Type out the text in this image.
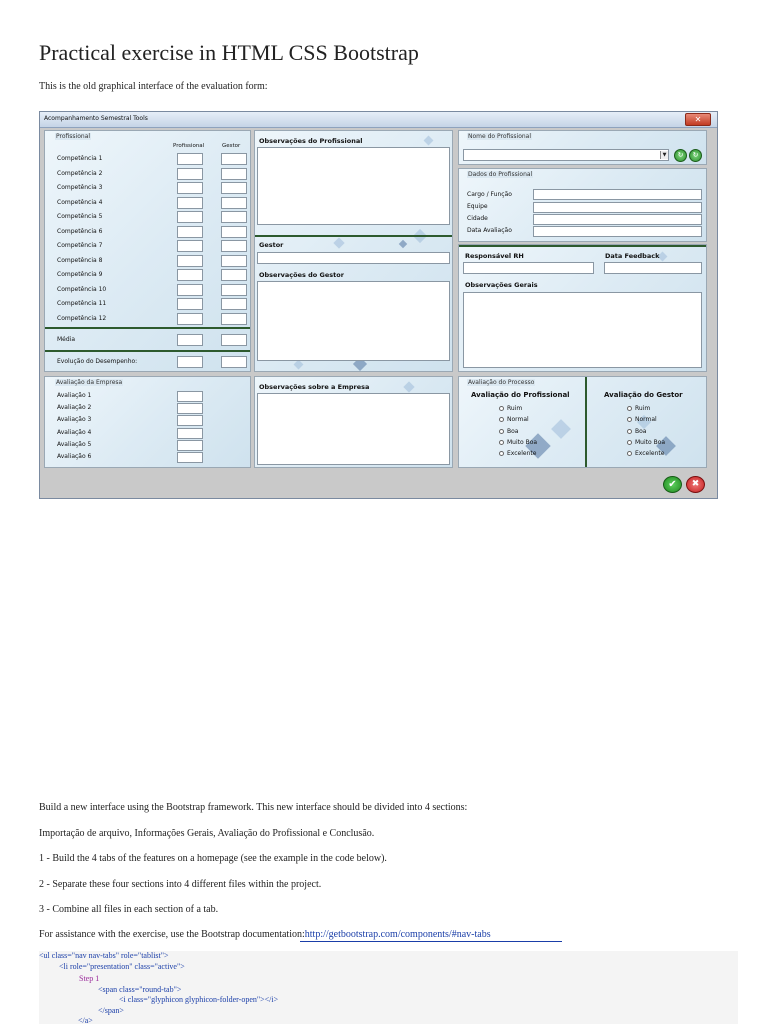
Practical exercise in HTML CSS Bootstrap

This is the old graphical interface of the evaluation form:

Acompanhamento Semestral Tools	✕
Profissional
Profissional	Gestor
Competência 1
Competência 2
Competência 3
Competência 4
Competência 5
Competência 6
Competência 7
Competência 8
Competência 9
Competência 10
Competência 11
Competência 12
Média
Evolução do Desempenho:
Observações do Profissional
Gestor
Observações do Gestor
Nome do Profissional
▼	↻	↻
Dados do Profissional
Cargo / Função
Equipe
Cidade
Data Avaliação
Responsável RH	Data Feedback
Observações Gerais
Avaliação da Empresa
Avaliação 1
Avaliação 2
Avaliação 3
Avaliação 4
Avaliação 5
Avaliação 6
Observações sobre a Empresa
Avaliação do Processo
Avaliação do Profissional	Avaliação do Gestor
Ruim
Normal
Boa
Muito Boa
Excelente
Ruim
Normal
Boa
Muito Boa
Excelente
✔	✖

Build a new interface using the Bootstrap framework. This new interface should be divided into 4 sections:

Importação de arquivo, Informações Gerais, Avaliação do Profissional e Conclusão.

1 - Build the 4 tabs of the features on a homepage (see the example in the code below).

2 - Separate these four sections into 4 different files within the project.

3 - Combine all files in each section of a tab.

For assistance with the exercise, use the Bootstrap documentation:http://getbootstrap.com/components/#nav-tabs

<ul class="nav nav-tabs" role="tablist">
<li role="presentation" class="active">
Step 1
<span class="round-tab">
<i class="glyphicon glyphicon-folder-open"></i>
</span>
</a>
